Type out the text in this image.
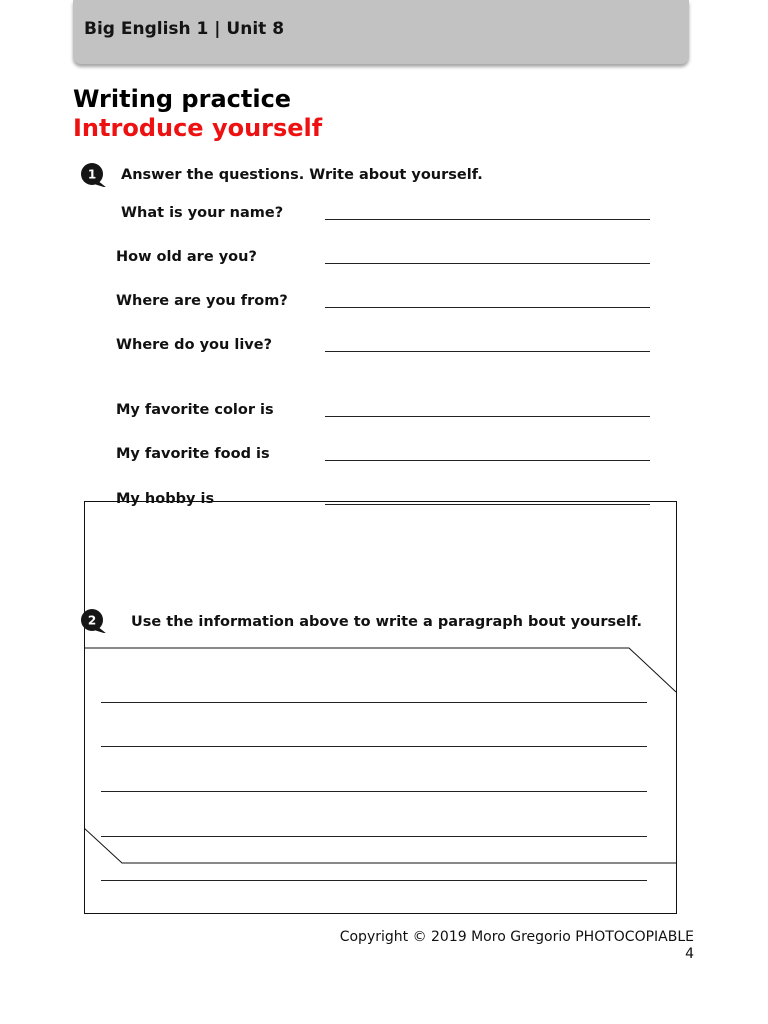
Big English 1 | Unit 8
Writing practice
Introduce yourself
1 Answer the questions. Write about yourself.
What is your name?
How old are you?
Where are you from?
Where do you live?
My favorite color is
My favorite food is
My hobby is
2 Use the information above to write a paragraph bout yourself.
Copyright © 2019 Moro Gregorio PHOTOCOPIABLE
4
